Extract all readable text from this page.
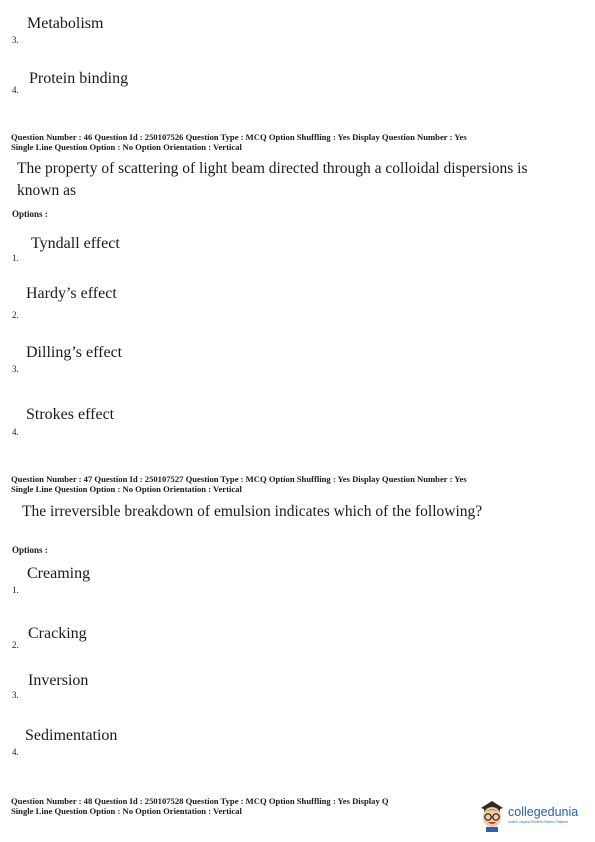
Metabolism
3.
Protein binding
4.
Question Number : 46 Question Id : 250107526 Question Type : MCQ Option Shuffling : Yes Display Question Number : Yes
Single Line Question Option : No Option Orientation : Vertical
The property of scattering of light beam directed through a colloidal dispersions is
known as
Options :
Tyndall effect
1.
Hardy’s effect
2.
Dilling’s effect
3.
Strokes effect
4.
Question Number : 47 Question Id : 250107527 Question Type : MCQ Option Shuffling : Yes Display Question Number : Yes
Single Line Question Option : No Option Orientation : Vertical
The irreversible breakdown of emulsion indicates which of the following?
Options :
Creaming
1.
Cracking
2.
Inversion
3.
Sedimentation
4.
Question Number : 48 Question Id : 250107528 Question Type : MCQ Option Shuffling : Yes Display Q
Single Line Question Option : No Option Orientation : Vertical	collegedunia
India's Largest Student Review Platform
